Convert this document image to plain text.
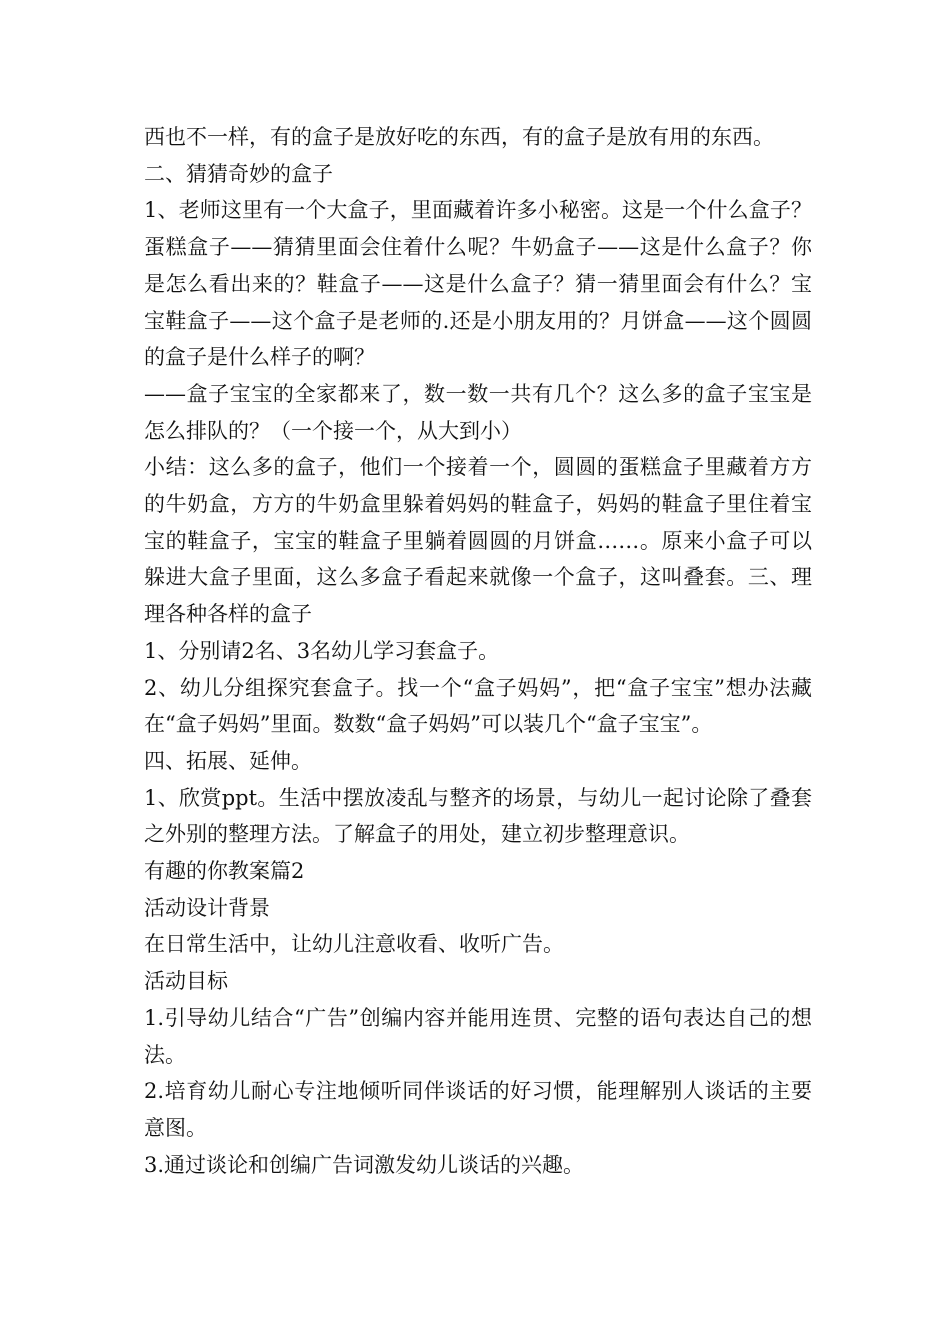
西也不一样，有的盒子是放好吃的东西，有的盒子是放有用的东西。

二、猜猜奇妙的盒子

1、老师这里有一个大盒子，里面藏着许多小秘密。这是一个什么盒子？蛋糕盒子——猜猜里面会住着什么呢？牛奶盒子——这是什么盒子？你是怎么看出来的？鞋盒子——这是什么盒子？猜一猜里面会有什么？宝宝鞋盒子——这个盒子是老师的.还是小朋友用的？月饼盒——这个圆圆的盒子是什么样子的啊？

——盒子宝宝的全家都来了，数一数一共有几个？这么多的盒子宝宝是怎么排队的？（一个接一个，从大到小）

小结：这么多的盒子，他们一个接着一个，圆圆的蛋糕盒子里藏着方方的牛奶盒，方方的牛奶盒里躲着妈妈的鞋盒子，妈妈的鞋盒子里住着宝宝的鞋盒子，宝宝的鞋盒子里躺着圆圆的月饼盒……。原来小盒子可以躲进大盒子里面，这么多盒子看起来就像一个盒子，这叫叠套。三、理理各种各样的盒子

1、分别请2名、3名幼儿学习套盒子。

2、幼儿分组探究套盒子。找一个“盒子妈妈”，把“盒子宝宝”想办法藏在“盒子妈妈”里面。数数“盒子妈妈”可以装几个“盒子宝宝”。

四、拓展、延伸。

1、欣赏ppt。生活中摆放凌乱与整齐的场景，与幼儿一起讨论除了叠套之外别的整理方法。了解盒子的用处，建立初步整理意识。

有趣的你教案篇2

活动设计背景

在日常生活中，让幼儿注意收看、收听广告。

活动目标

1.引导幼儿结合“广告”创编内容并能用连贯、完整的语句表达自己的想法。

2.培育幼儿耐心专注地倾听同伴谈话的好习惯，能理解别人谈话的主要意图。

3.通过谈论和创编广告词激发幼儿谈话的兴趣。
